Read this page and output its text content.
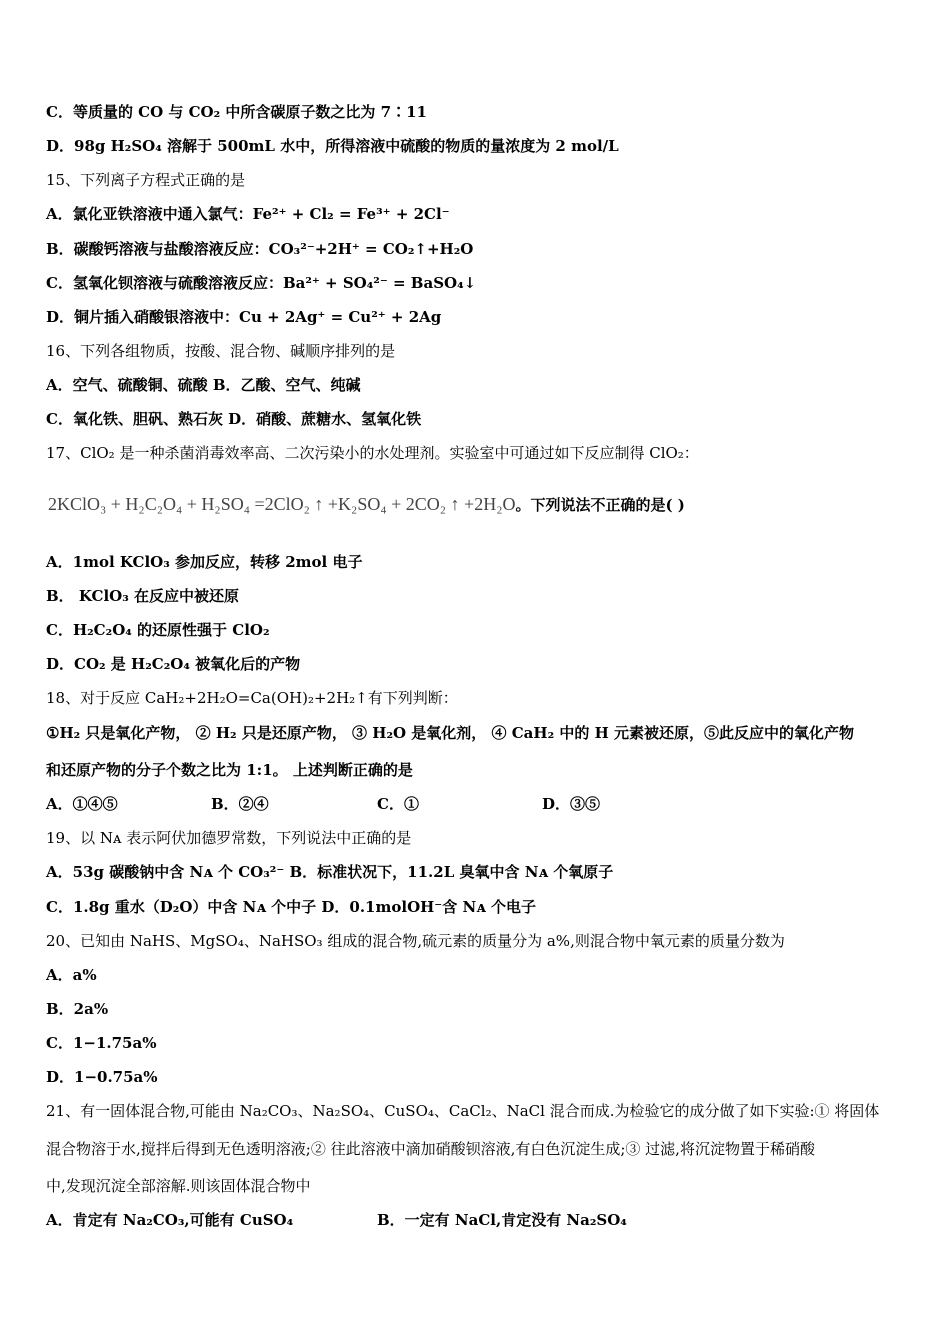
C．等质量的 CO 与 CO₂ 中所含碳原子数之比为 7∶11
D．98g H₂SO₄ 溶解于 500mL 水中，所得溶液中硫酸的物质的量浓度为 2 mol/L
15、下列离子方程式正确的是
A．氯化亚铁溶液中通入氯气：Fe²⁺ + Cl₂ = Fe³⁺ + 2Cl⁻
B．碳酸钙溶液与盐酸溶液反应：CO₃²⁻+2H⁺ = CO₂↑+H₂O
C．氢氧化钡溶液与硫酸溶液反应：Ba²⁺ + SO₄²⁻ = BaSO₄↓
D．铜片插入硝酸银溶液中：Cu + 2Ag⁺ = Cu²⁺ + 2Ag
16、下列各组物质，按酸、混合物、碱顺序排列的是
A．空气、硫酸铜、硫酸 B．乙酸、空气、纯碱
C．氧化铁、胆矾、熟石灰 D．硝酸、蔗糖水、氢氧化铁
17、ClO₂ 是一种杀菌消毒效率高、二次污染小的水处理剂。实验室中可通过如下反应制得 ClO₂：
2KClO₃ + H₂C₂O₄ + H₂SO₄ =2ClO₂ ↑ +K₂SO₄ + 2CO₂ ↑ +2H₂O。下列说法不正确的是( )
A．1mol KClO₃ 参加反应，转移 2mol 电子
B． KClO₃ 在反应中被还原
C．H₂C₂O₄ 的还原性强于 ClO₂
D．CO₂ 是 H₂C₂O₄ 被氧化后的产物
18、对于反应 CaH₂+2H₂O=Ca(OH)₂+2H₂↑有下列判断：
①H₂ 只是氧化产物， ② H₂ 只是还原产物， ③ H₂O 是氧化剂， ④ CaH₂ 中的 H 元素被还原，⑤此反应中的氧化产物
和还原产物的分子个数之比为 1:1。 上述判断正确的是
A．①④⑤	B．②④	C．①	D．③⑤
19、以 Nᴀ 表示阿伏加德罗常数，下列说法中正确的是
A．53g 碳酸钠中含 Nᴀ 个 CO₃²⁻ B．标准状况下，11.2L 臭氧中含 Nᴀ 个氧原子
C．1.8g 重水（D₂O）中含 Nᴀ 个中子 D．0.1molOH⁻含 Nᴀ 个电子
20、已知由 NaHS、MgSO₄、NaHSO₃ 组成的混合物,硫元素的质量分为 a%,则混合物中氧元素的质量分数为
A．a%
B．2a%
C．1−1.75a%
D．1−0.75a%
21、有一固体混合物,可能由 Na₂CO₃、Na₂SO₄、CuSO₄、CaCl₂、NaCl 混合而成.为检验它的成分做了如下实验:① 将固体
混合物溶于水,搅拌后得到无色透明溶液;② 往此溶液中滴加硝酸钡溶液,有白色沉淀生成;③ 过滤,将沉淀物置于稀硝酸
中,发现沉淀全部溶解.则该固体混合物中
A．肯定有 Na₂CO₃,可能有 CuSO₄	B．一定有 NaCl,肯定没有 Na₂SO₄
